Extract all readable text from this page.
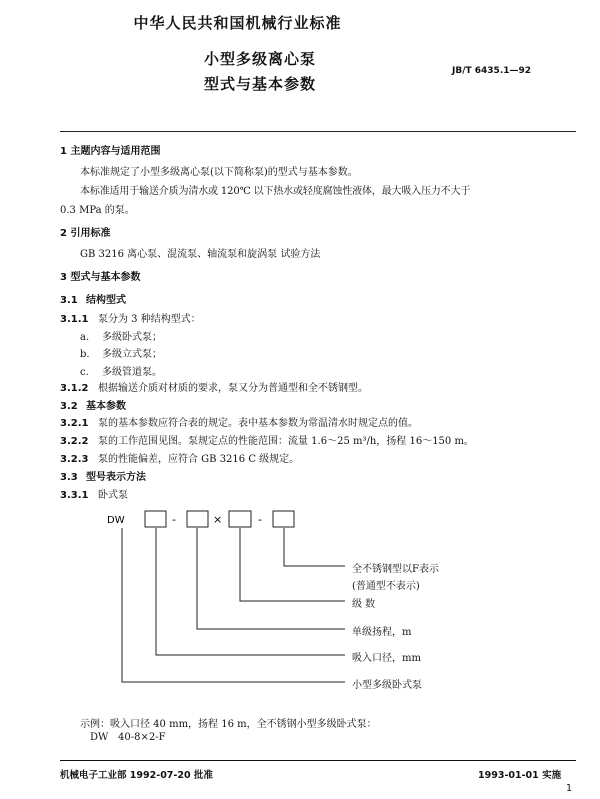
中华人民共和国机械行业标准
小型多级离心泵
型式与基本参数
JB/T 6435.1—92
1 主题内容与适用范围
本标准规定了小型多级离心泵(以下简称泵)的型式与基本参数。
本标准适用于输送介质为清水或 120℃ 以下热水或轻度腐蚀性液体，最大吸入压力不大于
0.3 MPa 的泵。
2 引用标准
GB 3216 离心泵、混流泵、轴流泵和旋涡泵 试验方法
3 型式与基本参数
3.1 结构型式
3.1.1 泵分为 3 种结构型式：
a. 多级卧式泵；
b. 多级立式泵；
c. 多级管道泵。
3.1.2 根据输送介质对材质的要求，泵又分为普通型和全不锈钢型。
3.2 基本参数
3.2.1 泵的基本参数应符合表的规定。表中基本参数为常温清水时规定点的值。
3.2.2 泵的工作范围见图。泵规定点的性能范围：流量 1.6～25 m³/h，扬程 16～150 m。
3.2.3 泵的性能偏差，应符合 GB 3216 C 级规定。
3.3 型号表示方法
3.3.1 卧式泵
DW	-	×	-
全不锈钢型以F表示
(普通型不表示)
级 数
单级扬程，m
吸入口径，mm
小型多级卧式泵
示例：吸入口径 40 mm，扬程 16 m，全不锈钢小型多级卧式泵：
DW 40-8×2-F
机械电子工业部 1992-07-20 批准	1993-01-01 实施
1
